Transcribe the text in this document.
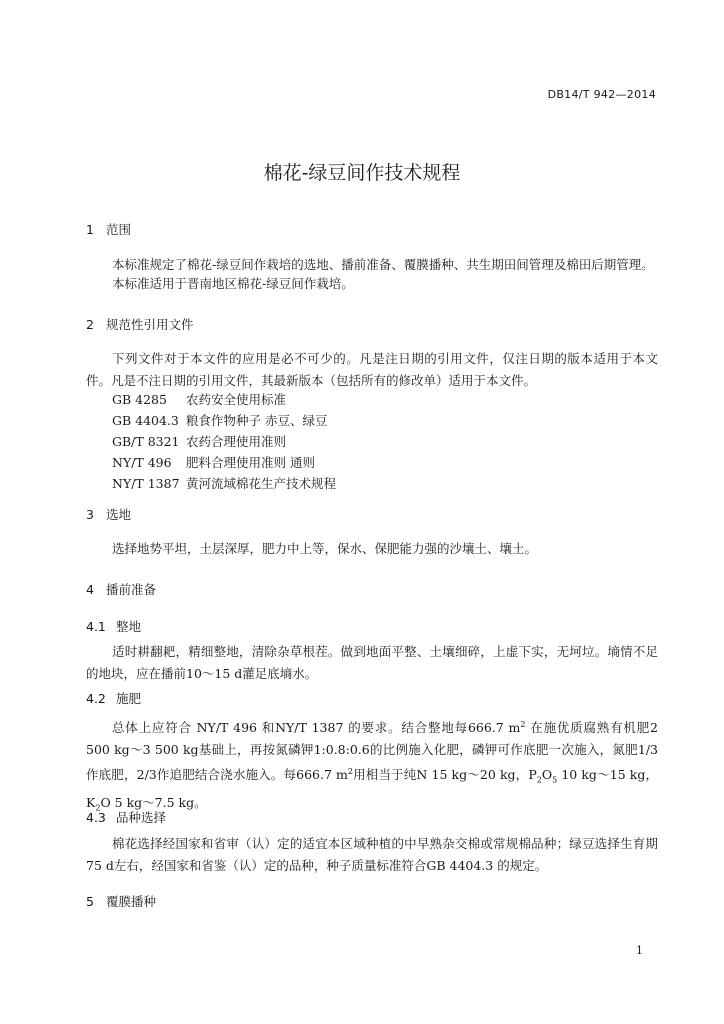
DB14/T 942—2014
棉花-绿豆间作技术规程
1 范围
本标准规定了棉花-绿豆间作栽培的选地、播前准备、覆膜播种、共生期田间管理及棉田后期管理。
本标准适用于晋南地区棉花-绿豆间作栽培。
2 规范性引用文件
下列文件对于本文件的应用是必不可少的。凡是注日期的引用文件，仅注日期的版本适用于本文件。凡是不注日期的引用文件，其最新版本（包括所有的修改单）适用于本文件。
GB 4285 农药安全使用标准
GB 4404.3 粮食作物种子 赤豆、绿豆
GB/T 8321 农药合理使用准则
NY/T 496 肥料合理使用准则 通则
NY/T 1387 黄河流域棉花生产技术规程
3 选地
选择地势平坦，土层深厚，肥力中上等，保水、保肥能力强的沙壤土、壤土。
4 播前准备
4.1 整地
适时耕翻耙，精细整地，清除杂草根茬。做到地面平整、土壤细碎，上虚下实，无坷垃。墒情不足的地块，应在播前10～15 d灌足底墒水。
4.2 施肥
总体上应符合 NY/T 496 和NY/T 1387 的要求。结合整地每666.7 $m^2$ 在施优质腐熟有机肥2 500 kg～3 500 kg基础上，再按氮磷钾1:0.8:0.6的比例施入化肥，磷钾可作底肥一次施入，氮肥1/3 作底肥，2/3作追肥结合浇水施入。每666.7 $m^2$用相当于纯N 15 kg～20 kg，$P_2O_5$ 10 kg～15 kg，$K_2O$ 5 kg～7.5 kg。
4.3 品种选择
棉花选择经国家和省审（认）定的适宜本区域种植的中早熟杂交棉或常规棉品种；绿豆选择生育期75 d左右，经国家和省鉴（认）定的品种，种子质量标准符合GB 4404.3 的规定。
5 覆膜播种
1
